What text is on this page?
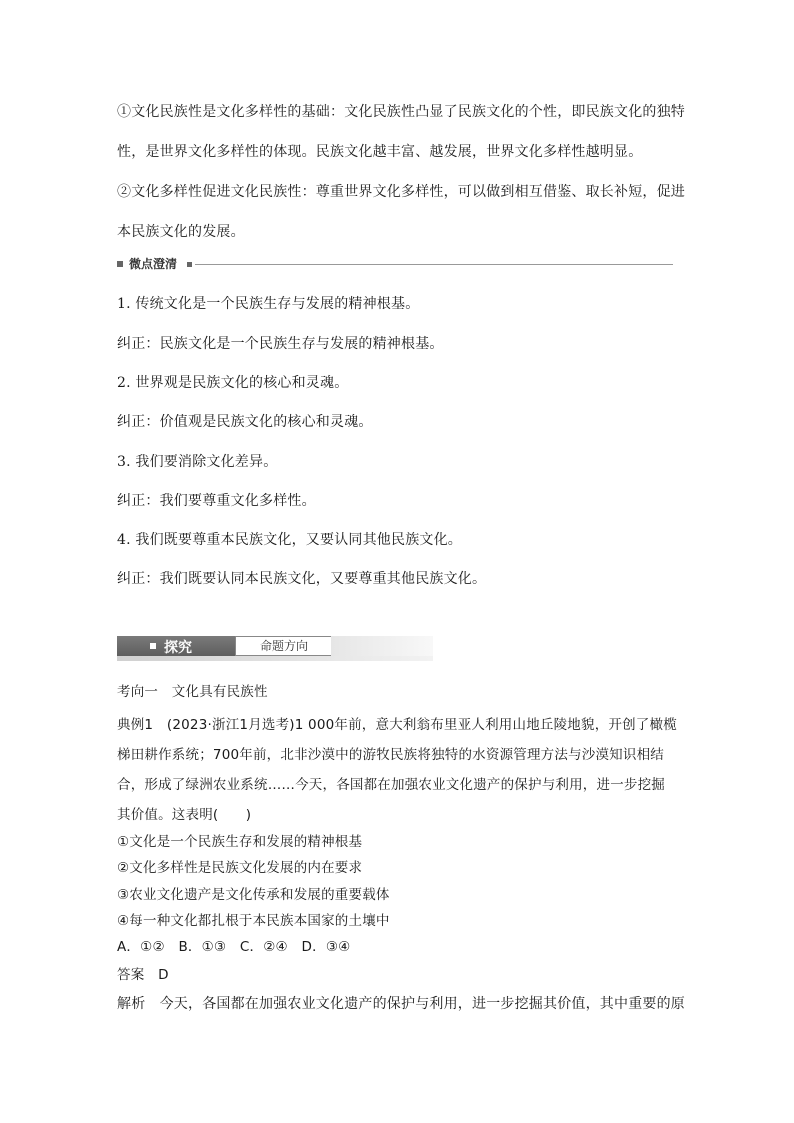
①文化民族性是文化多样性的基础：文化民族性凸显了民族文化的个性，即民族文化的独特
性，是世界文化多样性的体现。民族文化越丰富、越发展，世界文化多样性越明显。
②文化多样性促进文化民族性：尊重世界文化多样性，可以做到相互借鉴、取长补短，促进
本民族文化的发展。
微点澄清
1. 传统文化是一个民族生存与发展的精神根基。
纠正：民族文化是一个民族生存与发展的精神根基。
2. 世界观是民族文化的核心和灵魂。
纠正：价值观是民族文化的核心和灵魂。
3. 我们要消除文化差异。
纠正：我们要尊重文化多样性。
4. 我们既要尊重本民族文化，又要认同其他民族文化。
纠正：我们既要认同本民族文化，又要尊重其他民族文化。
探究	命题方向
考向一　文化具有民族性
典例1　(2023·浙江1月选考)1 000年前，意大利翁布里亚人利用山地丘陵地貌，开创了橄榄
梯田耕作系统；700年前，北非沙漠中的游牧民族将独特的水资源管理方法与沙漠知识相结
合，形成了绿洲农业系统……今天，各国都在加强农业文化遗产的保护与利用，进一步挖掘
其价值。这表明(　　)
①文化是一个民族生存和发展的精神根基
②文化多样性是民族文化发展的内在要求
③农业文化遗产是文化传承和发展的重要载体
④每一种文化都扎根于本民族本国家的土壤中
A．①②　B．①③　C．②④　D．③④
答案　D
解析　今天，各国都在加强农业文化遗产的保护与利用，进一步挖掘其价值，其中重要的原
